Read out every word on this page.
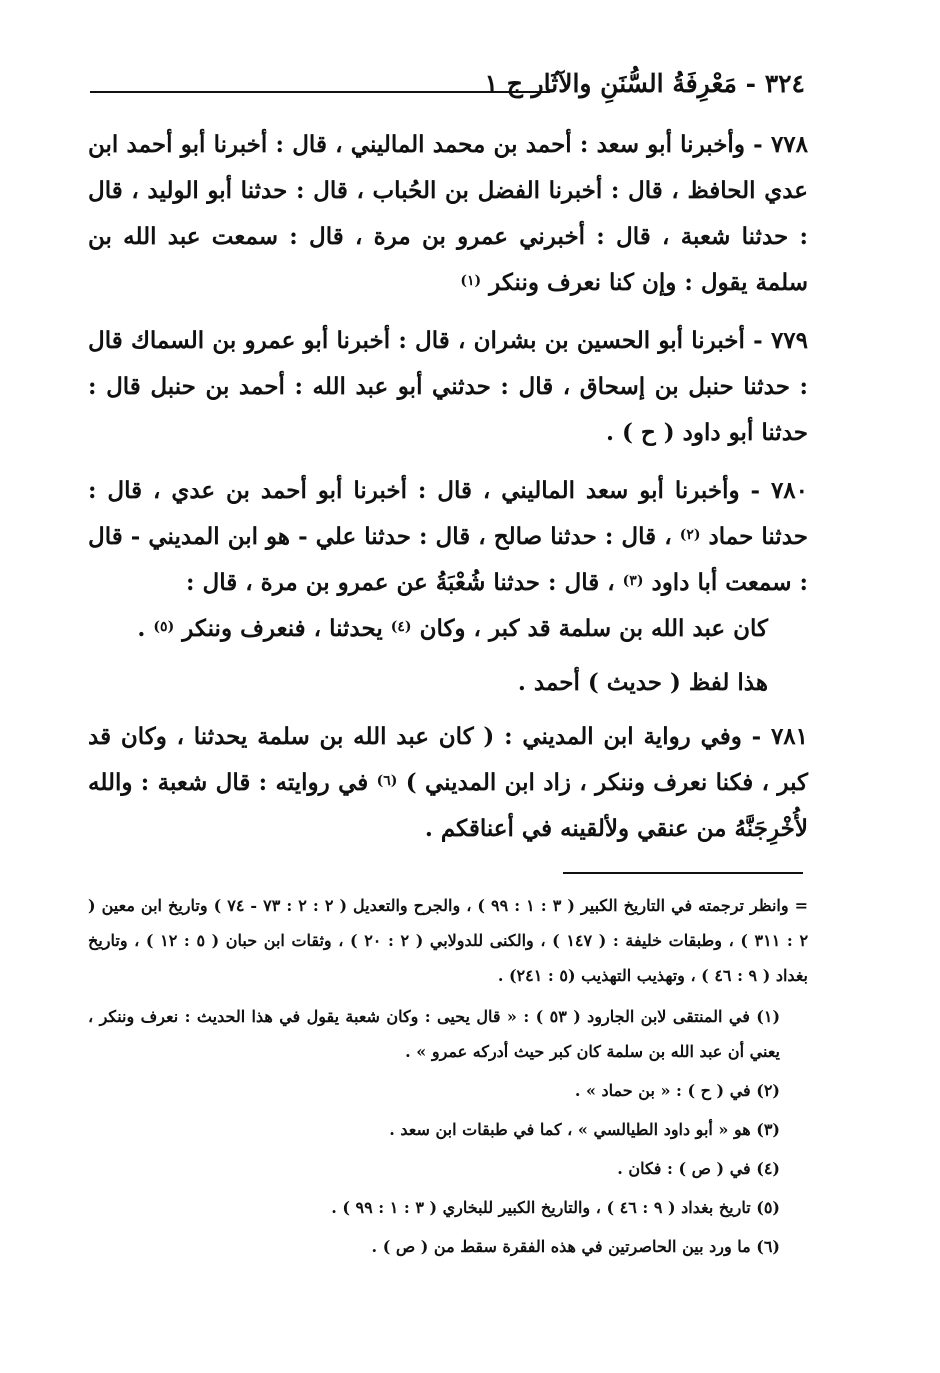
٣٢٤ - مَعْرِفَةُ السُّنَنِ والآثَار ج ١

٧٧٨ - وأخبرنا أبو سعد : أحمد بن محمد الماليني ، قال : أخبرنا أبو أحمد ابن عدي الحافظ ، قال : أخبرنا الفضل بن الحُباب ، قال : حدثنا أبو الوليد ، قال : حدثنا شعبة ، قال : أخبرني عمرو بن مرة ، قال : سمعت عبد الله بن سلمة يقول : وإن كنا نعرف وننكر $^{(١)}$

٧٧٩ - أخبرنا أبو الحسين بن بشران ، قال : أخبرنا أبو عمرو بن السماك قال : حدثنا حنبل بن إسحاق ، قال : حدثني أبو عبد الله : أحمد بن حنبل قال : حدثنا أبو داود ( ح ) .

٧٨٠ - وأخبرنا أبو سعد الماليني ، قال : أخبرنا أبو أحمد بن عدي ، قال : حدثنا حماد $^{(٢)}$ ، قال : حدثنا صالح ، قال : حدثنا علي - هو ابن المديني - قال : سمعت أبا داود $^{(٣)}$ ، قال : حدثنا شُعْبَةُ عن عمرو بن مرة ، قال :

كان عبد الله بن سلمة قد كبر ، وكان $^{(٤)}$ يحدثنا ، فنعرف وننكر $^{(٥)}$ .

هذا لفظ ( حديث ) أحمد .

٧٨١ - وفي رواية ابن المديني : ( كان عبد الله بن سلمة يحدثنا ، وكان قد كبر ، فكنا نعرف وننكر ، زاد ابن المديني ) $^{(٦)}$ في روايته : قال شعبة : والله لأُخْرِجَنَّهُ من عنقي ولألقينه في أعناقكم .

= وانظر ترجمته في التاريخ الكبير ( ٣ : ١ : ٩٩ ) ، والجرح والتعديل ( ٢ : ٢ : ٧٣ - ٧٤ ) وتاريخ ابن معين ( ٢ : ٣١١ ) ، وطبقات خليفة : ( ١٤٧ ) ، والكنى للدولابي ( ٢ : ٢٠ ) ، وثقات ابن حبان ( ٥ : ١٢ ) ، وتاريخ بغداد ( ٩ : ٤٦ ) ، وتهذيب التهذيب (٥ : ٢٤١) .

(١) في المنتقى لابن الجارود ( ٥٣ ) : « قال يحيى : وكان شعبة يقول في هذا الحديث : نعرف وننكر ، يعني أن عبد الله بن سلمة كان كبر حيث أدركه عمرو » .

(٢) في ( ح ) : « بن حماد » .

(٣) هو « أبو داود الطيالسي » ، كما في طبقات ابن سعد .

(٤) في ( ص ) : فكان .

(٥) تاريخ بغداد ( ٩ : ٤٦ ) ، والتاريخ الكبير للبخاري ( ٣ : ١ : ٩٩ ) .

(٦) ما ورد بين الحاصرتين في هذه الفقرة سقط من ( ص ) .
